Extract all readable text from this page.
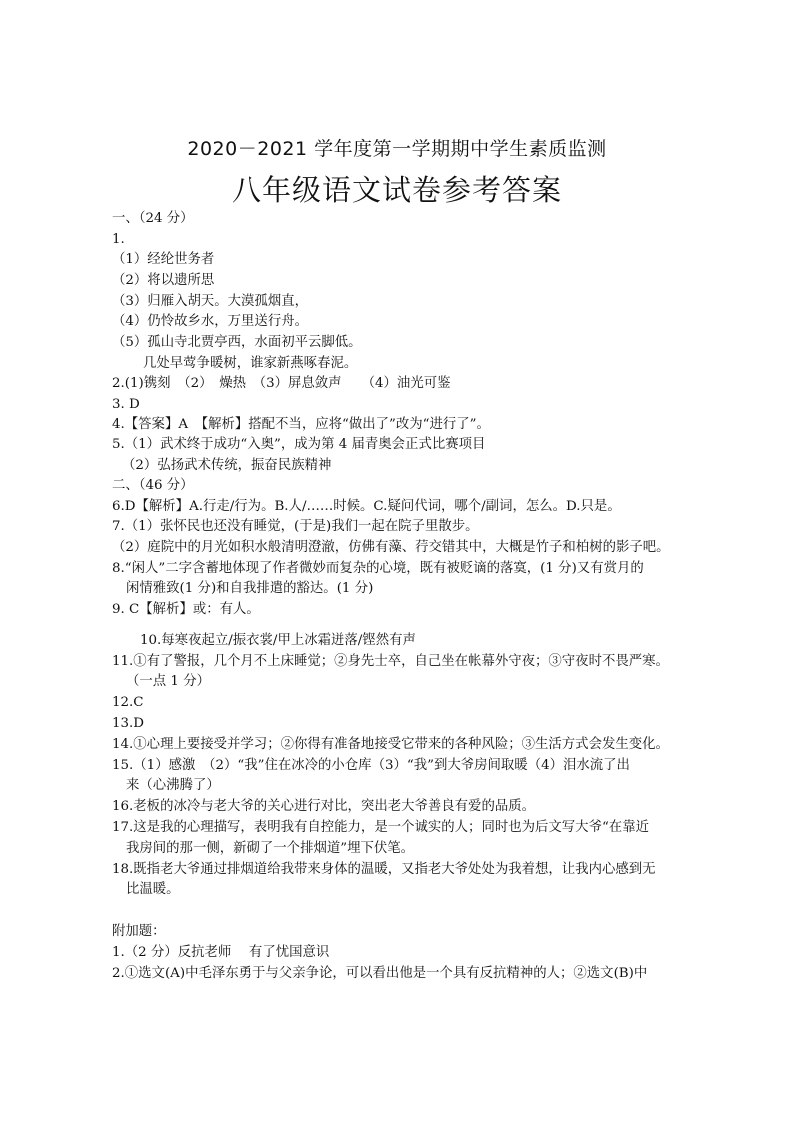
2020－2021 学年度第一学期期中学生素质监测
八年级语文试卷参考答案
一、（24 分）
1.
（1）经纶世务者
（2）将以遗所思
（3）归雁入胡天。大漠孤烟直，
（4）仍怜故乡水，万里送行舟。
（5）孤山寺北贾亭西，水面初平云脚低。
几处早莺争暖树，谁家新燕啄春泥。
2.(1)镌刻　（2）　燥热　（3）屏息敛声　　（4）油光可鉴
3. D
4.【答案】A　【解析】搭配不当，应将“做出了”改为“进行了”。
5.（1）武术终于成功“入奥”，成为第 4 届青奥会正式比赛项目
（2）弘扬武术传统，振奋民族精神
二、（46 分）
6.D【解析】A.行走/行为。B.人/……时候。C.疑问代词，哪个/副词，怎么。D.只是。
7.（1）张怀民也还没有睡觉，(于是)我们一起在院子里散步。
（2）庭院中的月光如积水般清明澄澈，仿佛有藻、荇交错其中，大概是竹子和柏树的影子吧。
8.“闲人”二字含蓄地体现了作者微妙而复杂的心境，既有被贬谪的落寞，(1 分)又有赏月的
闲情雅致(1 分)和自我排遣的豁达。(1 分)
9. C【解析】或：有人。
10.每寒夜起立/振衣裳/甲上冰霜迸落/铿然有声
11.①有了警报，几个月不上床睡觉；②身先士卒，自己坐在帐幕外守夜；③守夜时不畏严寒。
（一点 1 分）
12.C
13.D
14.①心理上要接受并学习；②你得有准备地接受它带来的各种风险；③生活方式会发生变化。
15.（1）感激　（2）“我”住在冰冷的小仓库（3）“我”到大爷房间取暖（4）泪水流了出
来（心沸腾了）
16.老板的冰冷与老大爷的关心进行对比，突出老大爷善良有爱的品质。
17.这是我的心理描写，表明我有自控能力，是一个诚实的人；同时也为后文写大爷“在靠近
我房间的那一侧，新砌了一个排烟道”埋下伏笔。
18.既指老大爷通过排烟道给我带来身体的温暖，又指老大爷处处为我着想，让我内心感到无
比温暖。
附加题：
1.（2 分）反抗老师　 有了忧国意识
2.①选文(A)中毛泽东勇于与父亲争论，可以看出他是一个具有反抗精神的人；②选文(B)中
